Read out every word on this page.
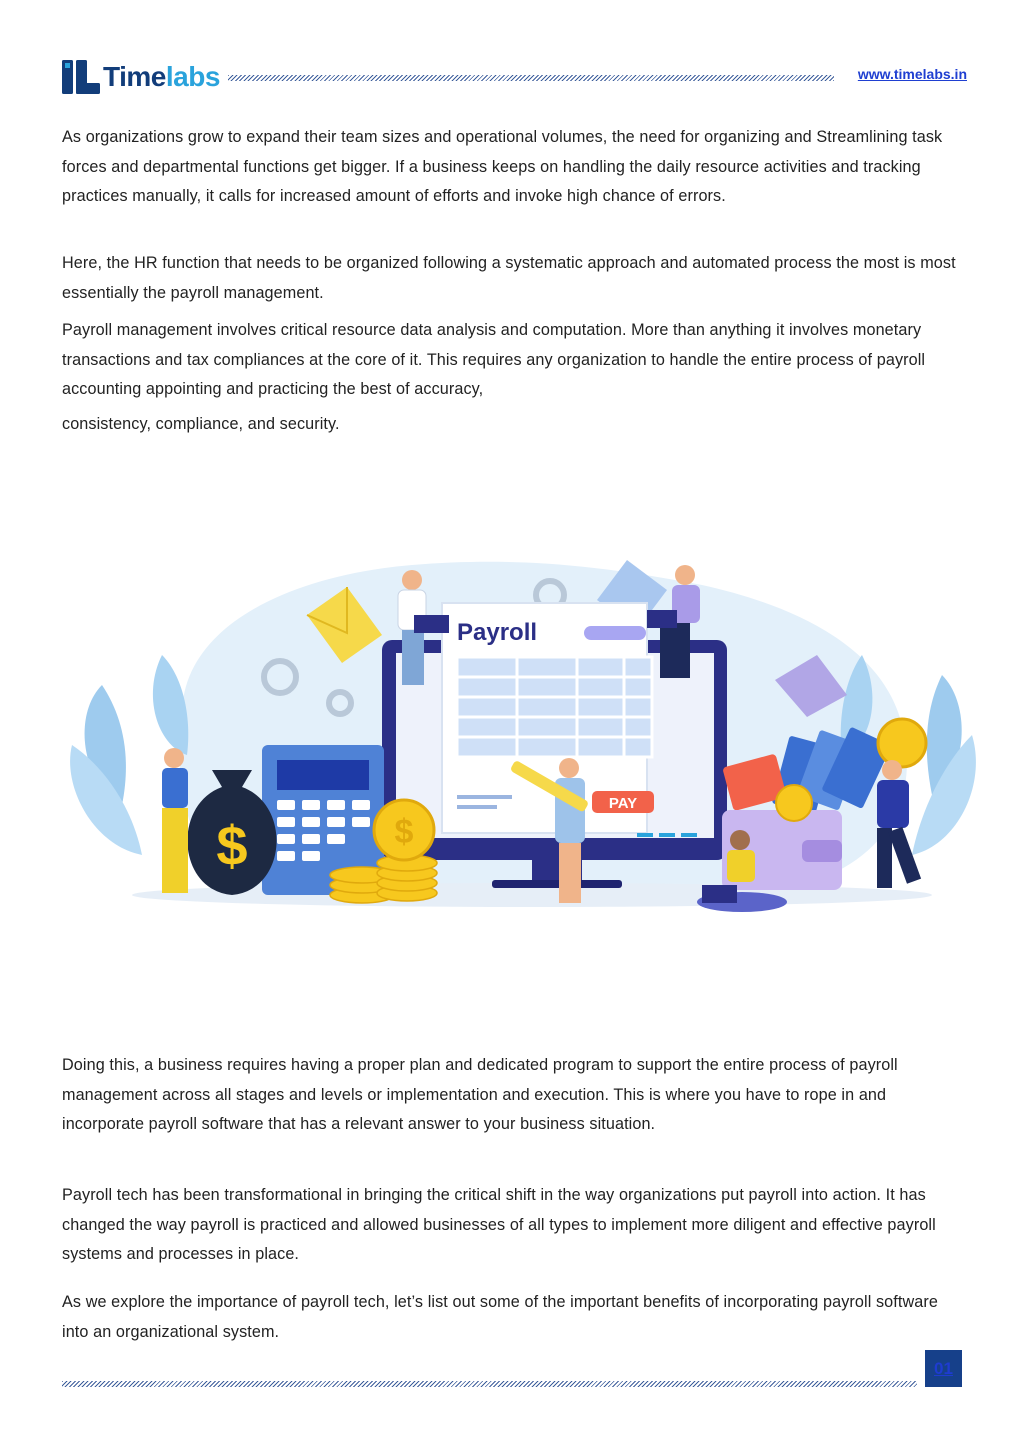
Timelabs	www.timelabs.in

As organizations grow to expand their team sizes and operational volumes, the need for organizing and Streamlining task forces and departmental functions get bigger. If a business keeps on handling the daily resource activities and tracking practices manually, it calls for increased amount of efforts and invoke high chance of errors.

Here, the HR function that needs to be organized following a systematic approach and automated process the most is most essentially the payroll management.

Payroll management involves critical resource data analysis and computation. More than anything it involves monetary transactions and tax compliances at the core of it. This requires any organization to handle the entire process of payroll accounting appointing and practicing the best of accuracy,

consistency, compliance, and security.

Payroll
PAY
$	$

Doing this, a business requires having a proper plan and dedicated program to support the entire process of payroll management across all stages and levels or implementation and execution. This is where you have to rope in and incorporate payroll software that has a relevant answer to your business situation.

Payroll tech has been transformational in bringing the critical shift in the way organizations put payroll into action. It has changed the way payroll is practiced and allowed businesses of all types to implement more diligent and effective payroll systems and processes in place.

As we explore the importance of payroll tech, let’s list out some of the important benefits of incorporating payroll software into an organizational system.

01
